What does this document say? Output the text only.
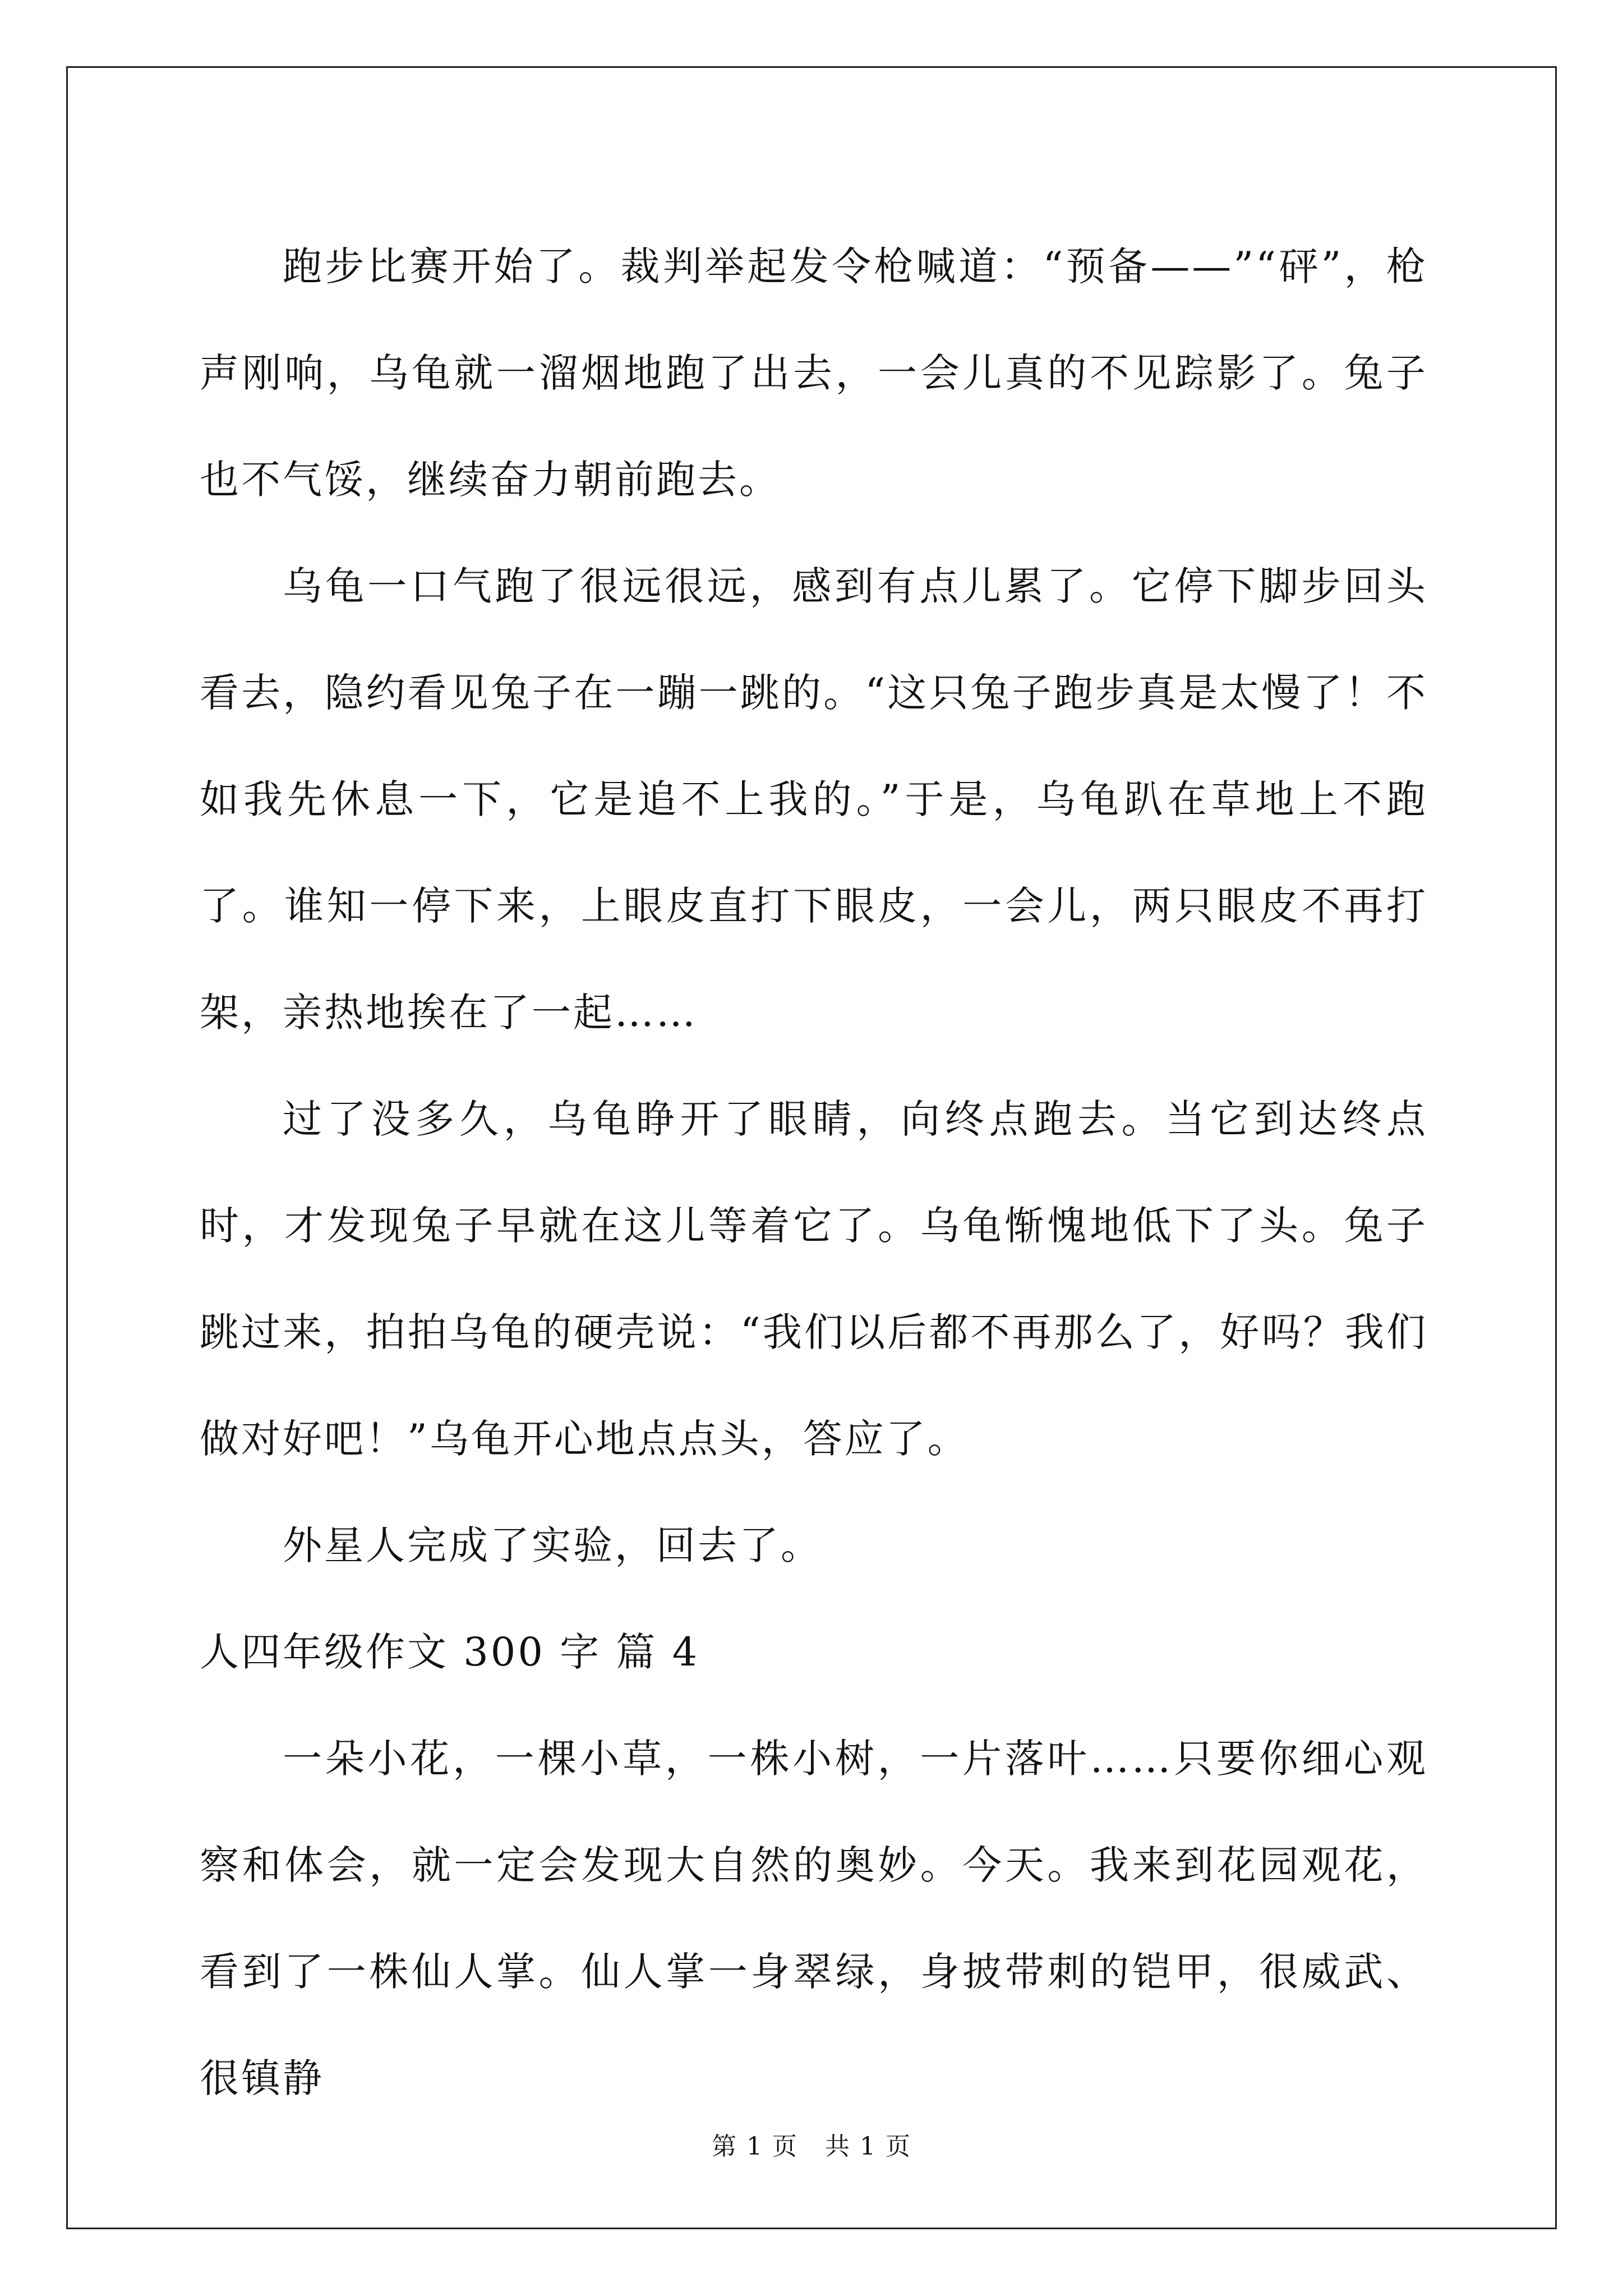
跑步比赛开始了。裁判举起发令枪喊道：“预备——”“砰”，枪声刚响，乌龟就一溜烟地跑了出去，一会儿真的不见踪影了。兔子也不气馁，继续奋力朝前跑去。

乌龟一口气跑了很远很远，感到有点儿累了。它停下脚步回头看去，隐约看见兔子在一蹦一跳的。“这只兔子跑步真是太慢了！不如我先休息一下，它是追不上我的。”于是，乌龟趴在草地上不跑了。谁知一停下来，上眼皮直打下眼皮，一会儿，两只眼皮不再打架，亲热地挨在了一起……

过了没多久，乌龟睁开了眼睛，向终点跑去。当它到达终点时，才发现兔子早就在这儿等着它了。乌龟惭愧地低下了头。兔子跳过来，拍拍乌龟的硬壳说：“我们以后都不再那么了，好吗？我们做对好吧！”乌龟开心地点点头，答应了。

外星人完成了实验，回去了。

人四年级作文 300 字 篇 4

一朵小花，一棵小草，一株小树，一片落叶……只要你细心观察和体会，就一定会发现大自然的奥妙。今天。我来到花园观花，看到了一株仙人掌。仙人掌一身翠绿，身披带刺的铠甲，很威武、很镇静

第 1 页 共 1 页
